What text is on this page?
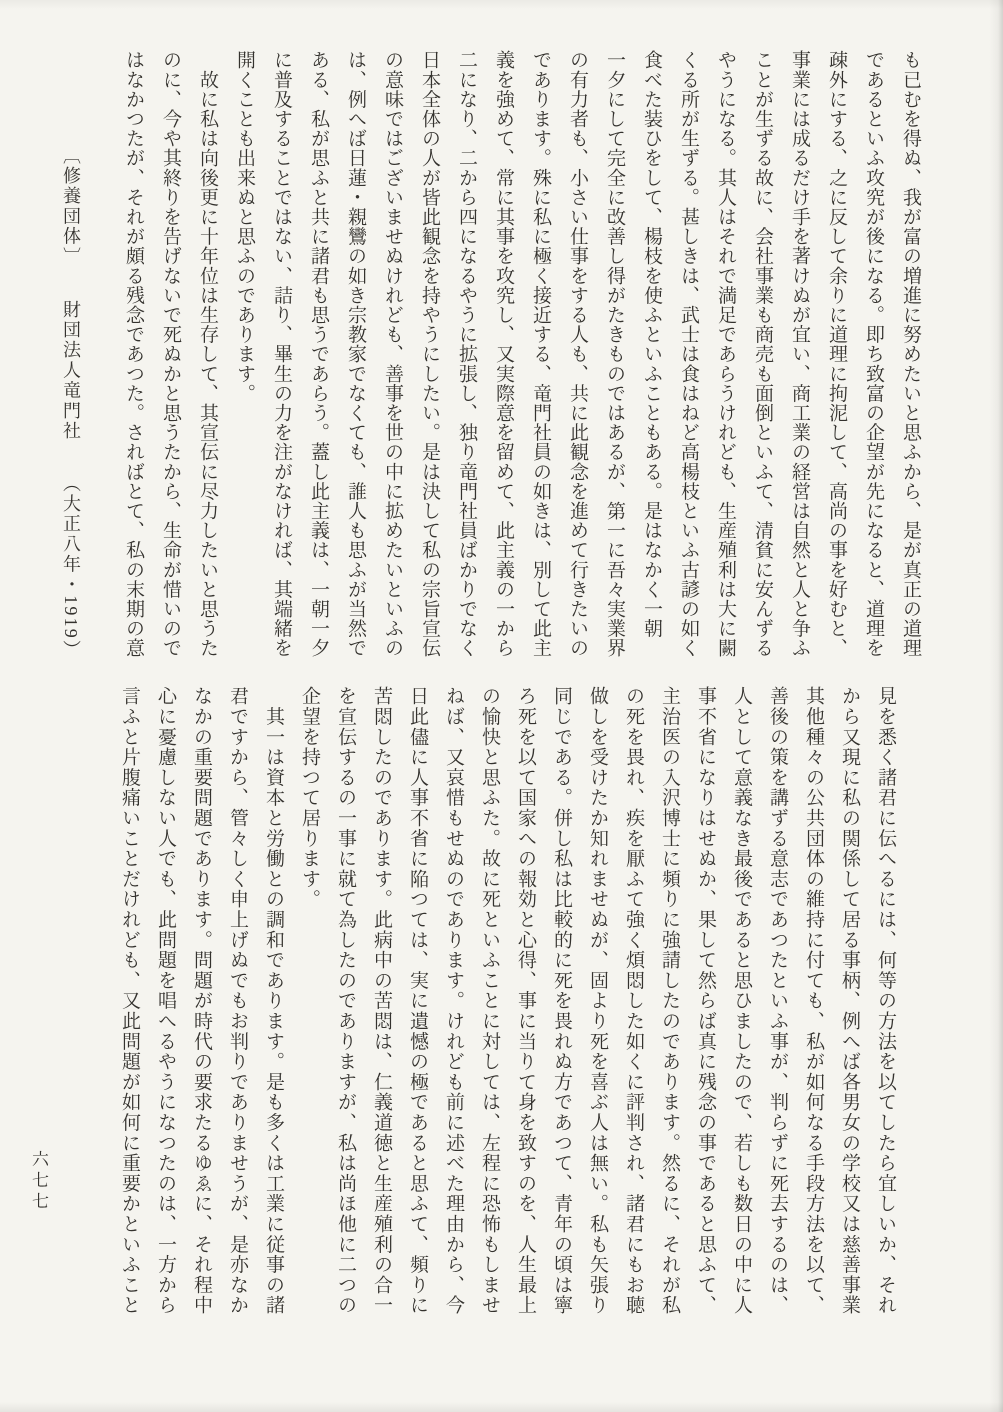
も已むを得ぬ、我が富の増進に努めたいと思ふから、是が真正の道理
であるといふ攻究が後になる。即ち致富の企望が先になると、道理を
疎外にする、之に反して余りに道理に拘泥して、高尚の事を好むと、
事業には成るだけ手を著けぬが宜い、商工業の経営は自然と人と争ふ
ことが生ずる故に、会社事業も商売も面倒といふて、清貧に安んずる
やうになる。其人はそれで満足であらうけれども、生産殖利は大に闕
くる所が生ずる。甚しきは、武士は食はねど高楊枝といふ古諺の如く
食べた装ひをして、楊枝を使ふといふこともある。是はなかく一朝
一夕にして完全に改善し得がたきものではあるが、第一に吾々実業界
の有力者も、小さい仕事をする人も、共に此観念を進めて行きたいの
であります。殊に私に極く接近する、竜門社員の如きは、別して此主
義を強めて、常に其事を攻究し、又実際意を留めて、此主義の一から
二になり、二から四になるやうに拡張し、独り竜門社員ばかりでなく
日本全体の人が皆此観念を持やうにしたい。是は決して私の宗旨宣伝
の意味ではございませぬけれども、善事を世の中に拡めたいといふの
は、例へば日蓮・親鸞の如き宗教家でなくても、誰人も思ふが当然で
ある、私が思ふと共に諸君も思うであらう。蓋し此主義は、一朝一夕
に普及することではない、詰り、畢生の力を注がなければ、其端緒を
開くことも出来ぬと思ふのであります。
　故に私は向後更に十年位は生存して、其宣伝に尽力したいと思うた
のに、今や其終りを告げないで死ぬかと思うたから、生命が惜いので
はなかつたが、それが頗る残念であつた。さればとて、私の末期の意
〔修養団体〕 財団法人竜門社 （大正八年・1919）
見を悉く諸君に伝へるには、何等の方法を以てしたら宜しいか、それ
から又現に私の関係して居る事柄、例へば各男女の学校又は慈善事業
其他種々の公共団体の維持に付ても、私が如何なる手段方法を以て、
善後の策を講ずる意志であつたといふ事が、判らずに死去するのは、
人として意義なき最後であると思ひましたので、若しも数日の中に人
事不省になりはせぬか、果して然らば真に残念の事であると思ふて、
主治医の入沢博士に頻りに強請したのであります。然るに、それが私
の死を畏れ、疾を厭ふて強く煩悶した如くに評判され、諸君にもお聴
做しを受けたか知れませぬが、固より死を喜ぶ人は無い。私も矢張り
同じである。併し私は比較的に死を畏れぬ方であつて、青年の頃は寧
ろ死を以て国家への報効と心得、事に当りて身を致すのを、人生最上
の愉快と思ふた。故に死といふことに対しては、左程に恐怖もしませ
ねば、又哀惜もせぬのであります。けれども前に述べた理由から、今
日此儘に人事不省に陥つては、実に遺憾の極であると思ふて、頻りに
苦悶したのであります。此病中の苦悶は、仁義道徳と生産殖利の合一
を宣伝するの一事に就て為したのでありますが、私は尚ほ他に二つの
企望を持つて居ります。
　其一は資本と労働との調和であります。是も多くは工業に従事の諸
君ですから、管々しく申上げぬでもお判りでありませうが、是亦なか
なかの重要問題であります。問題が時代の要求たるゆゑに、それ程中
心に憂慮しない人でも、此問題を唱へるやうになつたのは、一方から
言ふと片腹痛いことだけれども、又此問題が如何に重要かといふこと
六七七
